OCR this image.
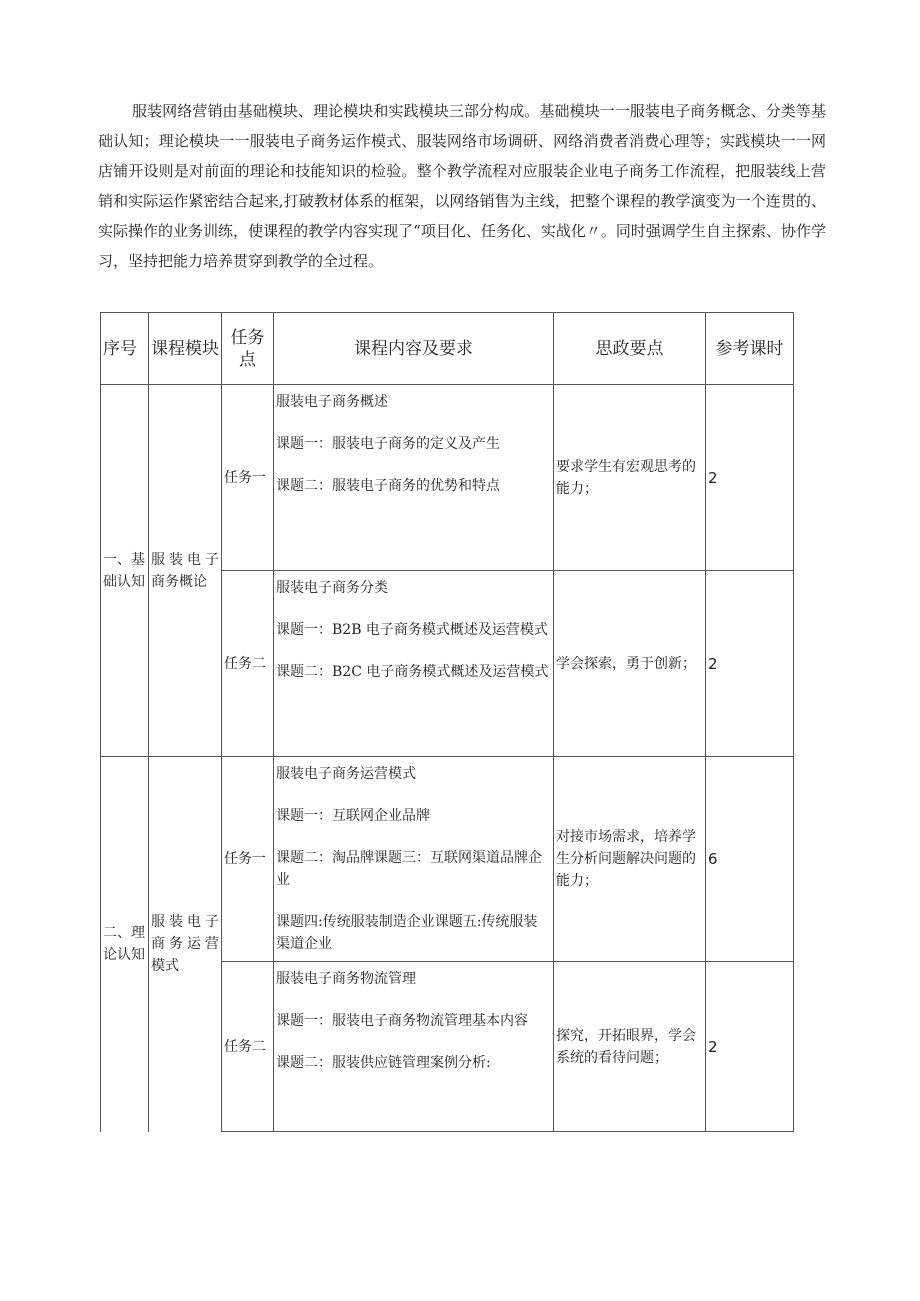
服装网络营销由基础模块、理论模块和实践模块三部分构成。基础模块一一服装电子商务概念、分类等基础认知；理论模块一一服装电子商务运作模式、服装网络市场调研、网络消费者消费心理等；实践模块一一网店铺开设则是对前面的理论和技能知识的检验。整个教学流程对应服装企业电子商务工作流程，把服装线上营销和实际运作紧密结合起来,打破教材体系的框架，以网络销售为主线，把整个课程的教学演变为一个连贯的、实际操作的业务训练，使课程的教学内容实现了“项目化、任务化、实战化〃。同时强调学生自主探索、协作学习，坚持把能力培养贯穿到教学的全过程。

序号	课程模块	任务点	课程内容及要求	思政要点	参考课时
一、基础认知	服装电子商务概论	任务一	服装电子商务概述

课题一：服装电子商务的定义及产生

课题二：服装电子商务的优势和特点	要求学生有宏观思考的能力；	2
		任务二	服装电子商务分类

课题一：B2B 电子商务模式概述及运营模式

课题二：B2C 电子商务模式概述及运营模式	学会探索，勇于创新；	2
二、理论认知	服装电子商务运营模式	任务一	服装电子商务运营模式

课题一：互联网企业品牌

课题二：淘品牌课题三：互联网渠道品牌企业

课题四:传统服装制造企业课题五:传统服装渠道企业	对接市场需求，培养学生分析问题解决问题的能力；	6
		任务二	服装电子商务物流管理

课题一：服装电子商务物流管理基本内容

课题二：服装供应链管理案例分析:	探究，开拓眼界，学会系统的看待问题；	2
